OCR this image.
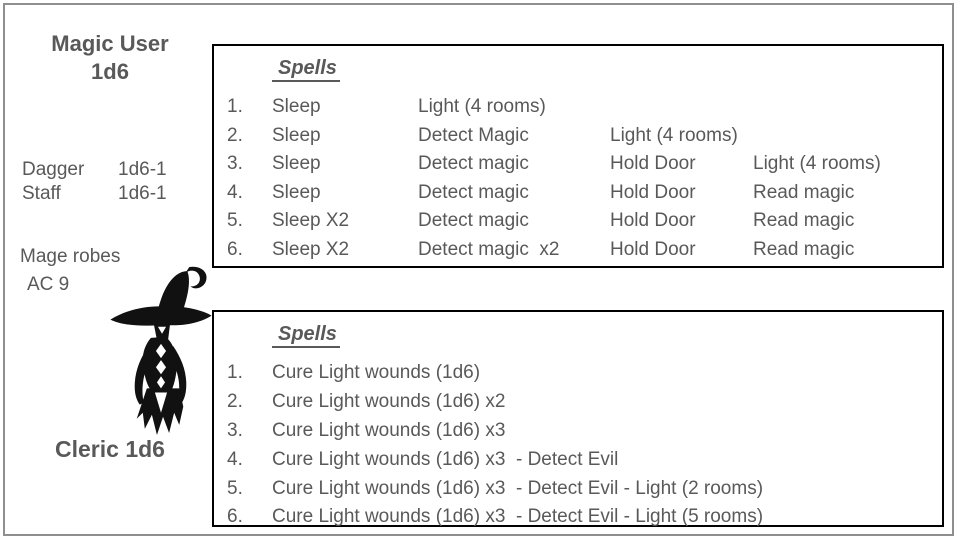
Magic User
1d6
Dagger	1d6-1
Staff	1d6-1
Mage robes
AC 9
Cleric 1d6
Spells
1.	Sleep	Light (4 rooms)
2.	Sleep	Detect Magic	Light (4 rooms)
3.	Sleep	Detect magic	Hold Door	Light (4 rooms)
4.	Sleep	Detect magic	Hold Door	Read magic
5.	Sleep X2	Detect magic	Hold Door	Read magic
6.	Sleep X2	Detect magic  x2	Hold Door	Read magic
Spells
1.	Cure Light wounds (1d6)
2.	Cure Light wounds (1d6) x2
3.	Cure Light wounds (1d6) x3
4.	Cure Light wounds (1d6) x3  - Detect Evil
5.	Cure Light wounds (1d6) x3  - Detect Evil - Light (2 rooms)
6.	Cure Light wounds (1d6) x3  - Detect Evil - Light (5 rooms)
